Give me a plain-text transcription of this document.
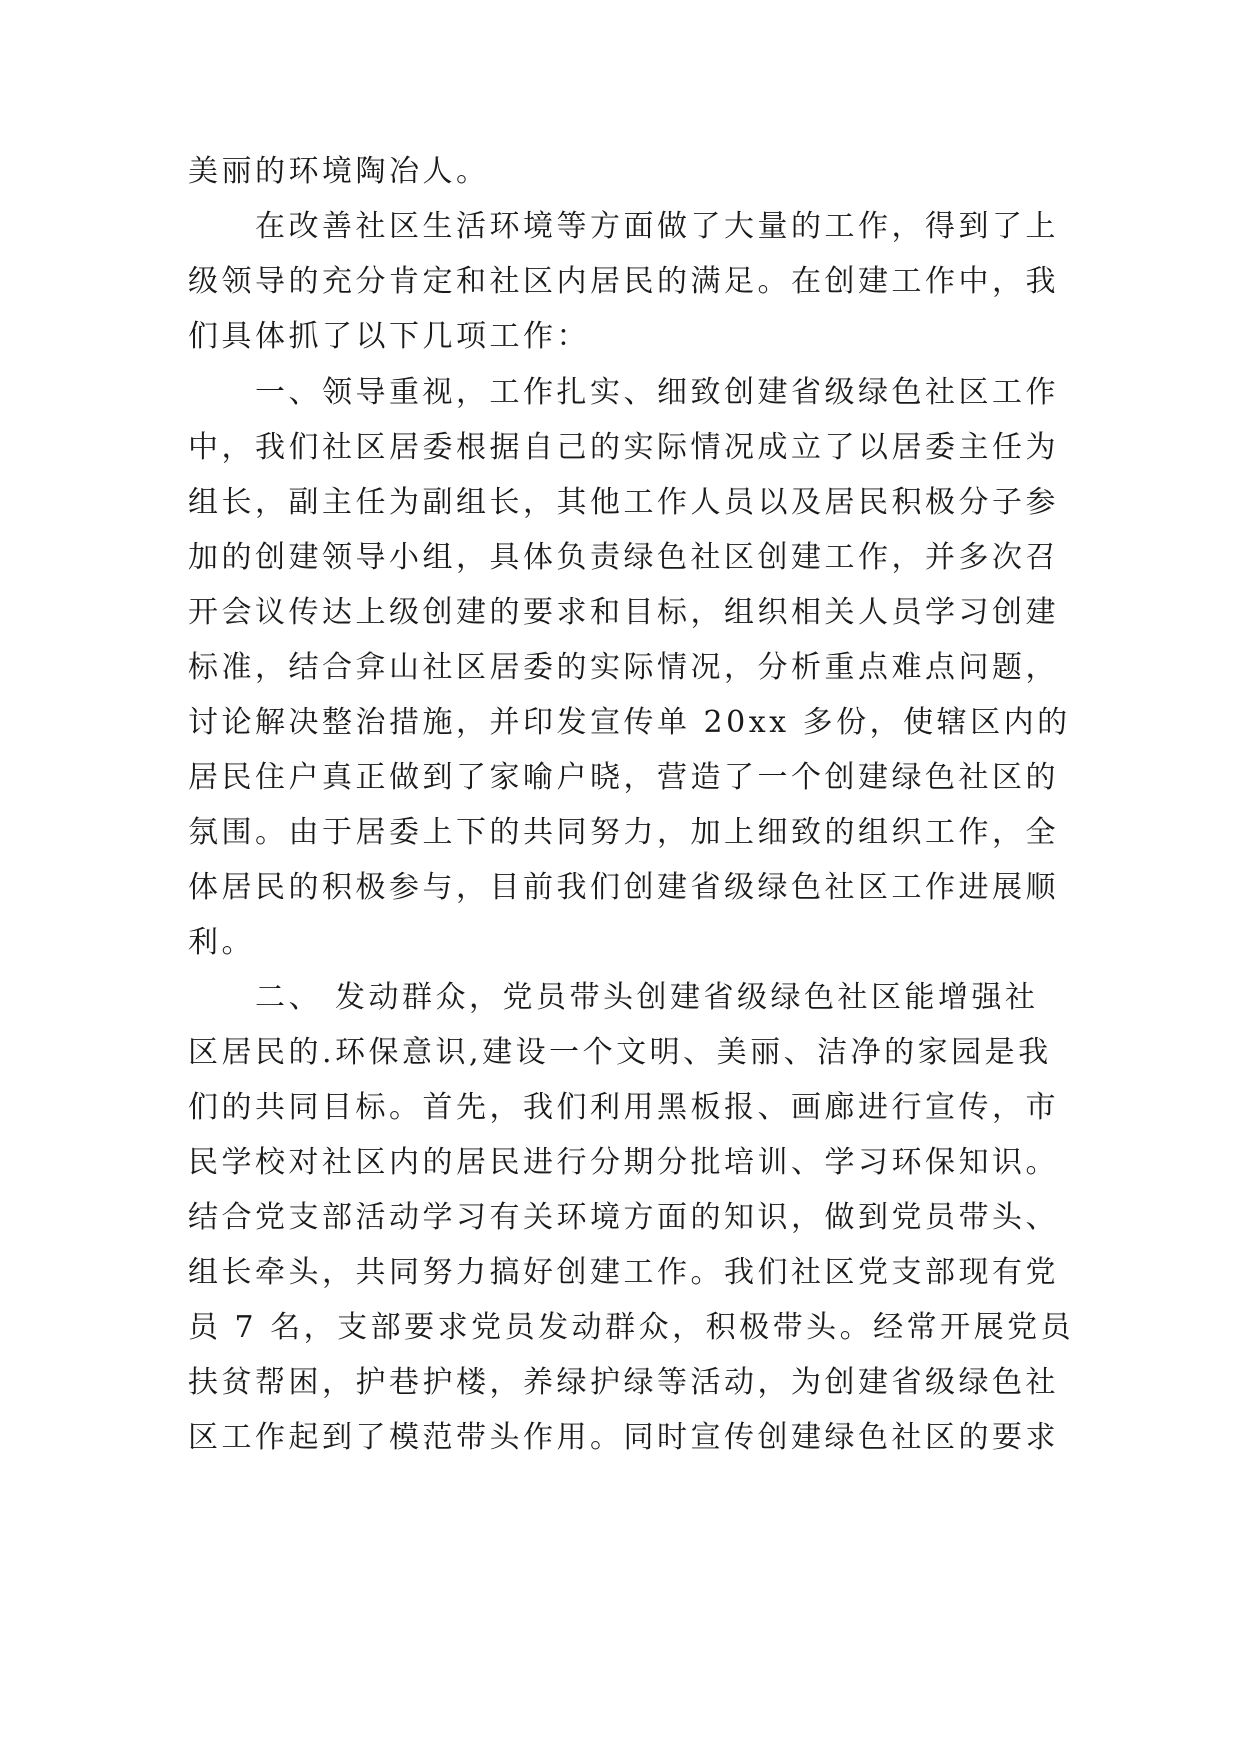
美丽的环境陶冶人。
在改善社区生活环境等方面做了大量的工作，得到了上
级领导的充分肯定和社区内居民的满足。在创建工作中，我
们具体抓了以下几项工作：
一、领导重视，工作扎实、细致创建省级绿色社区工作
中，我们社区居委根据自己的实际情况成立了以居委主任为
组长，副主任为副组长，其他工作人员以及居民积极分子参
加的创建领导小组，具体负责绿色社区创建工作，并多次召
开会议传达上级创建的要求和目标，组织相关人员学习创建
标准，结合弇山社区居委的实际情况，分析重点难点问题，
讨论解决整治措施，并印发宣传单 20xx 多份，使辖区内的
居民住户真正做到了家喻户晓，营造了一个创建绿色社区的
氛围。由于居委上下的共同努力，加上细致的组织工作，全
体居民的积极参与，目前我们创建省级绿色社区工作进展顺
利。
二、 发动群众，党员带头创建省级绿色社区能增强社
区居民的.环保意识,建设一个文明、美丽、洁净的家园是我
们的共同目标。首先，我们利用黑板报、画廊进行宣传，市
民学校对社区内的居民进行分期分批培训、学习环保知识。
结合党支部活动学习有关环境方面的知识，做到党员带头、
组长牵头，共同努力搞好创建工作。我们社区党支部现有党
员 7 名，支部要求党员发动群众，积极带头。经常开展党员
扶贫帮困，护巷护楼，养绿护绿等活动，为创建省级绿色社
区工作起到了模范带头作用。同时宣传创建绿色社区的要求
